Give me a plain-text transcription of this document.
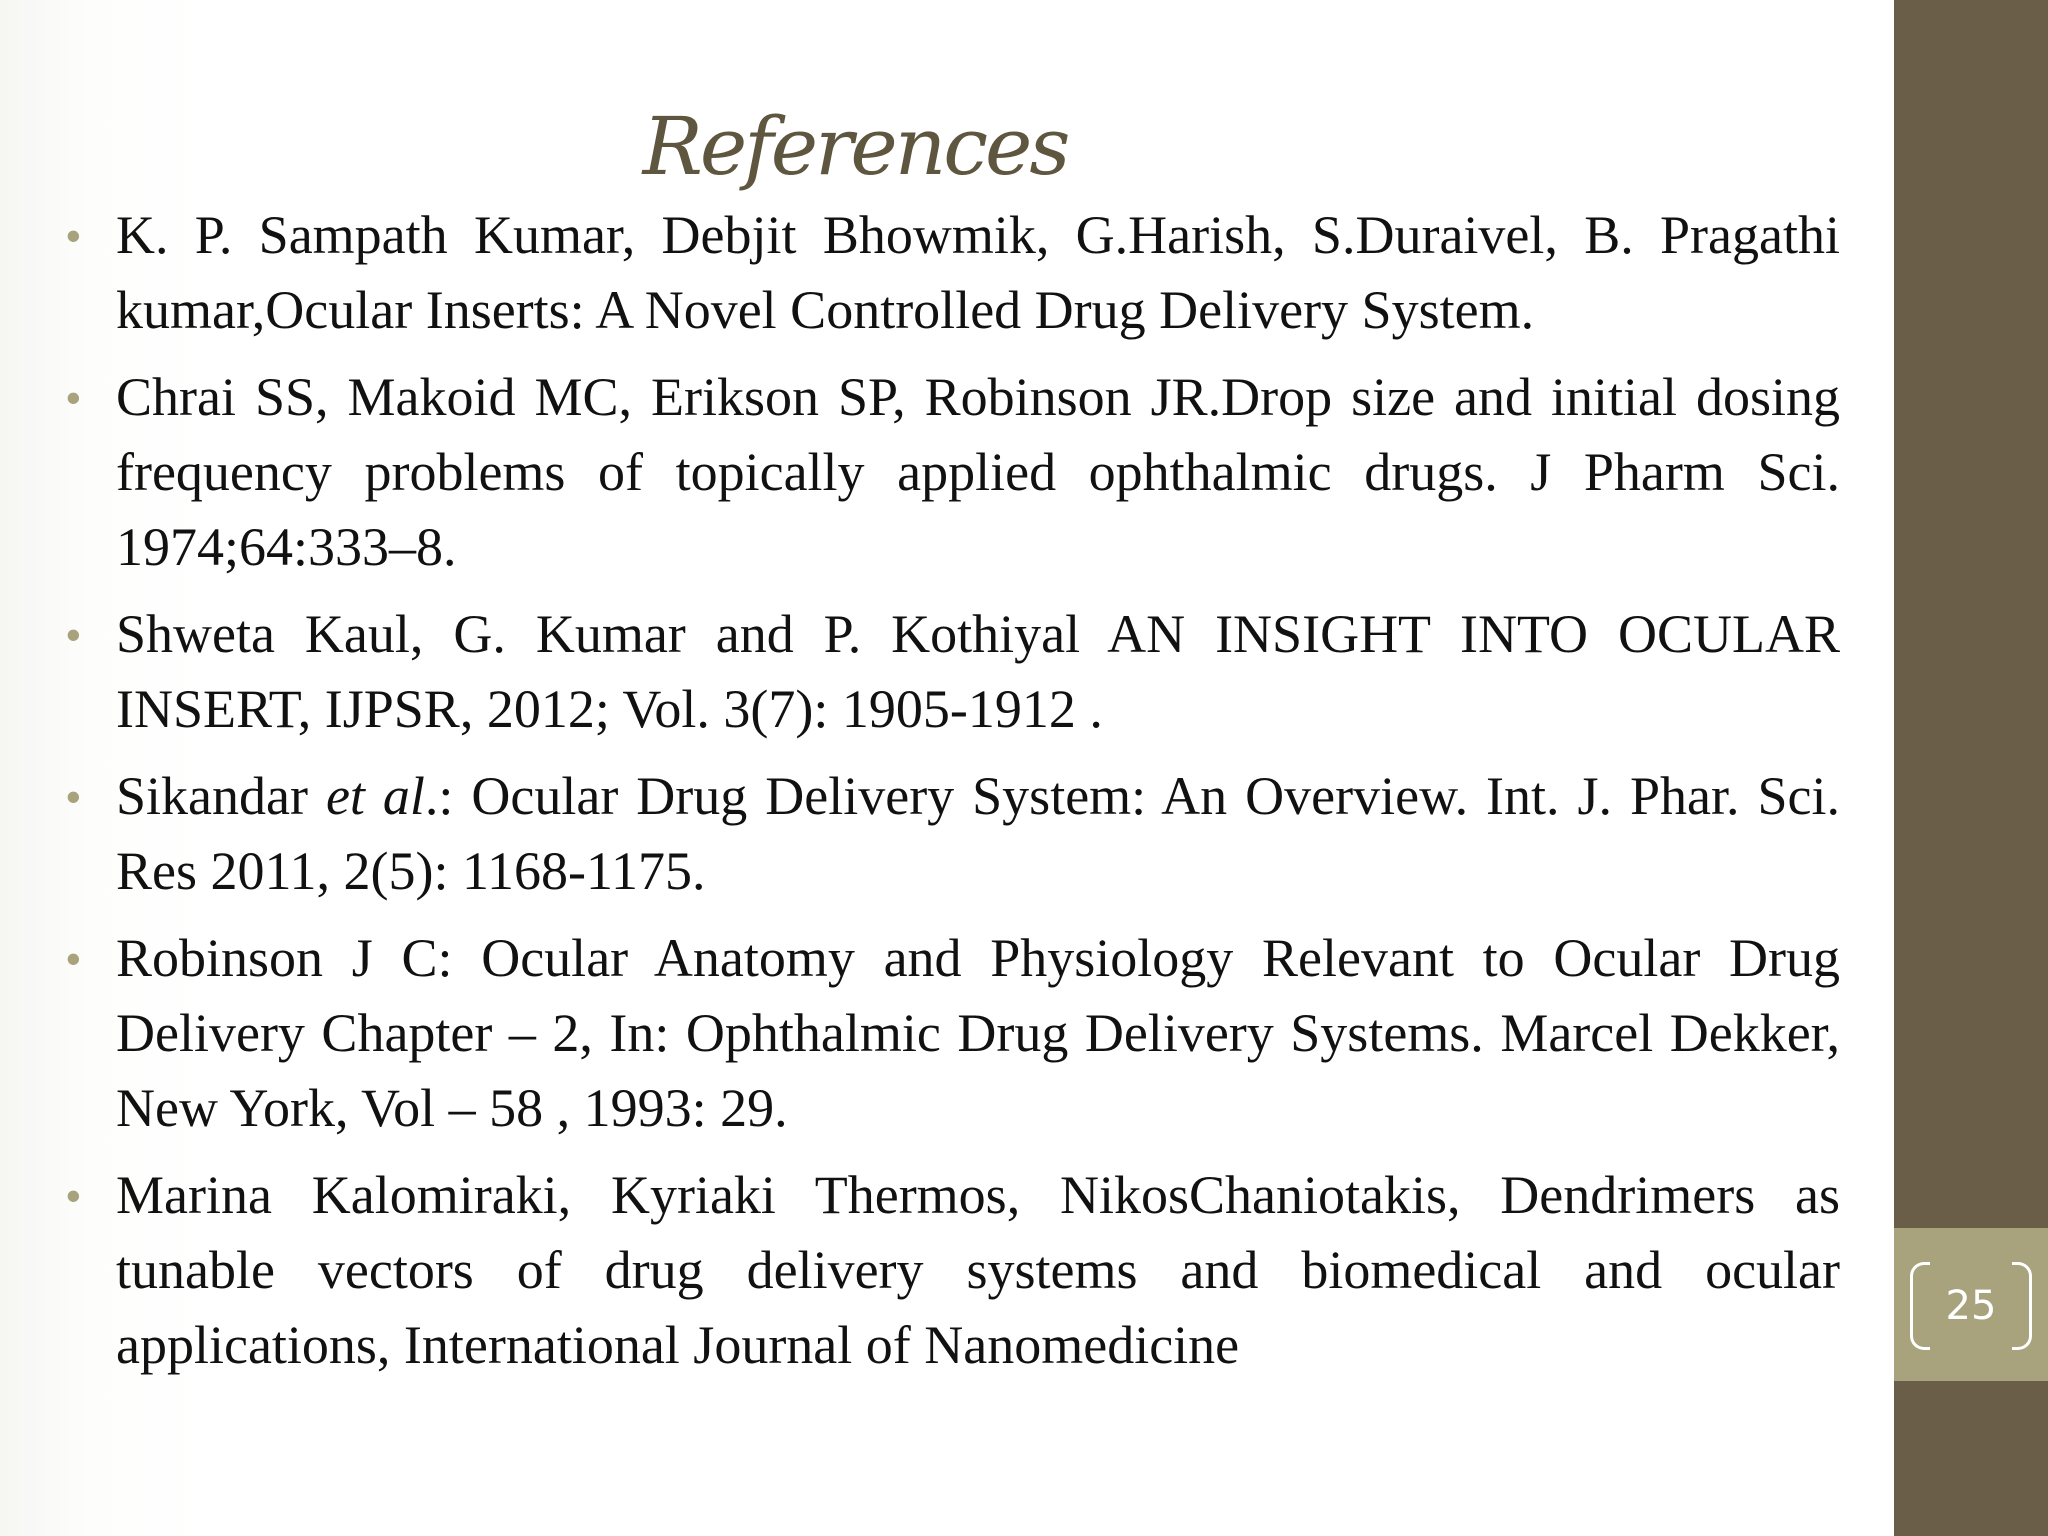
References
• K. P. Sampath Kumar, Debjit Bhowmik, G.Harish, S.Duraivel, B. Pragathi kumar,Ocular Inserts: A Novel Controlled Drug Delivery System.
• Chrai SS, Makoid MC, Erikson SP, Robinson JR.Drop size and initial dosing frequency problems of topically applied ophthalmic drugs. J Pharm Sci. 1974;64:333–8.
• Shweta Kaul, G. Kumar and P. Kothiyal AN INSIGHT INTO OCULAR INSERT, IJPSR, 2012; Vol. 3(7): 1905-1912 .
• Sikandar et al.: Ocular Drug Delivery System: An Overview. Int. J. Phar. Sci. Res 2011, 2(5): 1168-1175.
• Robinson J C: Ocular Anatomy and Physiology Relevant to Ocular Drug Delivery Chapter – 2, In: Ophthalmic Drug Delivery Systems. Marcel Dekker, New York, Vol – 58 , 1993: 29.
• Marina Kalomiraki, Kyriaki Thermos, NikosChaniotakis, Dendrimers as tunable vectors of drug delivery systems and biomedical and ocular applications, International Journal of Nanomedicine
25
